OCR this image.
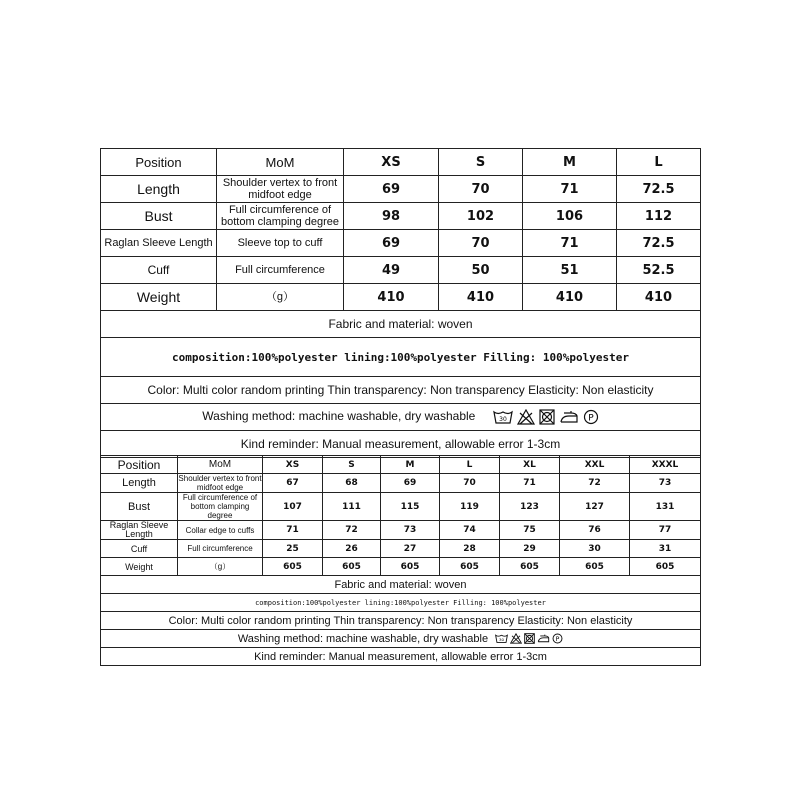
Position	MoM	XS	S	M	L
Length	Shoulder vertex to front midfoot edge	69	70	71	72.5
Bust	Full circumference of bottom clamping degree	98	102	106	112
Raglan Sleeve Length	Sleeve top to cuff	69	70	71	72.5
Cuff	Full circumference	49	50	51	52.5
Weight	（g）	410	410	410	410
Fabric and material: woven					
composition:100%polyester lining:100%polyester Filling: 100%polyester					
Color: Multi color random printing Thin transparency: Non transparency Elasticity: Non elasticity					
Washing method: machine washable, dry washable 30 P					

Kind reminder: Manual measurement, allowable error 1-3cm					
Position	MoM	XS	S	M	L	XL	XXL	XXXL
Length	Shoulder vertex to front midfoot edge	67	68	69	70	71	72	73
Bust	Full circumference of bottom clamping degree	107	111	115	119	123	127	131
Raglan Sleeve Length	Collar edge to cuffs	71	72	73	74	75	76	77
Cuff	Full circumference	25	26	27	28	29	30	31
Weight	（g）	605	605	605	605	605	605	605
Fabric and material: woven								
composition:100%polyester lining:100%polyester Filling: 100%polyester								
Color: Multi color random printing Thin transparency: Non transparency Elasticity: Non elasticity								
Washing method: machine washable, dry washable 30 P								

Kind reminder: Manual measurement, allowable error 1-3cm								
